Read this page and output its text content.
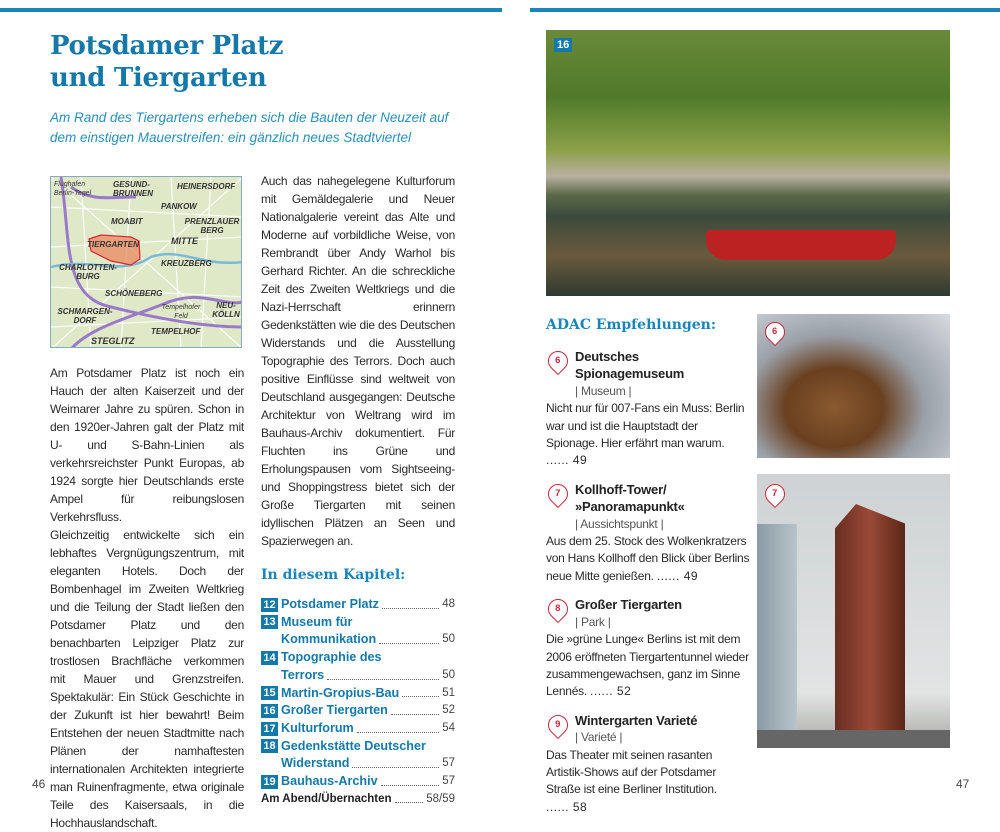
Potsdamer Platz
und Tiergarten
Am Rand des Tiergartens erheben sich die Bauten der Neuzeit auf dem einstigen Mauerstreifen: ein gänzlich neues Stadtviertel
Flughafen Berlin-Tegel
GESUND-BRUNNEN
HEINERSDORF
PANKOW
MOABIT	PRENZLAUER BERG
TIERGARTEN	MITTE
CHARLOTTEN-BURG
KREUZBERG
SCHÖNEBERG
Tempelhofer Feld
NEU-KÖLLN
SCHMARGEN-DORF
TEMPELHOF
STEGLITZ

Am Potsdamer Platz ist noch ein Hauch der alten Kaiserzeit und der Weimarer Jahre zu spüren. Schon in den 1920er-Jahren galt der Platz mit U- und S-Bahn-Linien als verkehrsreichster Punkt Europas, ab 1924 sorgte hier Deutschlands erste Ampel für reibungslosen Verkehrsfluss.

Gleichzeitig entwickelte sich ein lebhaftes Vergnügungszentrum, mit eleganten Hotels. Doch der Bombenhagel im Zweiten Weltkrieg und die Teilung der Stadt ließen den Potsdamer Platz und den benachbarten Leipziger Platz zur trostlosen Brachfläche verkommen mit Mauer und Grenzstreifen. Spektakulär: Ein Stück Geschichte in der Zukunft ist hier bewahrt! Beim Entstehen der neuen Stadtmitte nach Plänen der namhaftesten internationalen Architekten integrierte man Ruinenfragmente, etwa originale Teile des Kaisersaals, in die Hochhauslandschaft.

Auch das nahegelegene Kulturforum mit Gemäldegalerie und Neuer Nationalgalerie vereint das Alte und Moderne auf vorbildliche Weise, von Rembrandt über Andy Warhol bis Gerhard Richter. An die schreckliche Zeit des Zweiten Weltkriegs und die Nazi-Herrschaft erinnern Gedenkstätten wie die des Deutschen Widerstands und die Ausstellung Topographie des Terrors. Doch auch positive Einflüsse sind weltweit von Deutschland ausgegangen: Deutsche Architektur von Weltrang wird im Bauhaus-Archiv dokumentiert. Für Fluchten ins Grüne und Erholungspausen vom Sightseeing- und Shoppingstress bietet sich der Große Tiergarten mit seinen idyllischen Plätzen an Seen und Spazierwegen an.

In diesem Kapitel:
12 Potsdamer Platz	48
13 Museum für
Kommunikation	50
14 Topographie des
Terrors	50
15 Martin-Gropius-Bau	51
16 Großer Tiergarten	52
17 Kulturforum	54
18 Gedenkstätte Deutscher
Widerstand	57
19 Bauhaus-Archiv	57
Am Abend/Übernachten	58/59
46
16
ADAC Empfehlungen:
6	Deutsches Spionagemuseum
| Museum |
Nicht nur für 007-Fans ein Muss: Berlin war und ist die Hauptstadt der Spionage. Hier erfährt man warum. ...... 49
7	Kollhoff-Tower/
»Panoramapunkt«
| Aussichtspunkt |
Aus dem 25. Stock des Wolkenkratzers von Hans Kollhoff den Blick über Berlins neue Mitte genießen. ...... 49
8	Großer Tiergarten
| Park |
Die »grüne Lunge« Berlins ist mit dem 2006 eröffneten Tiergartentunnel wieder zusammengewachsen, ganz im Sinne Lennés. ...... 52
9	Wintergarten Varieté
| Varieté |
Das Theater mit seinen rasanten Artistik-Shows auf der Potsdamer Straße ist eine Berliner Institution. ...... 58
6
7
47
